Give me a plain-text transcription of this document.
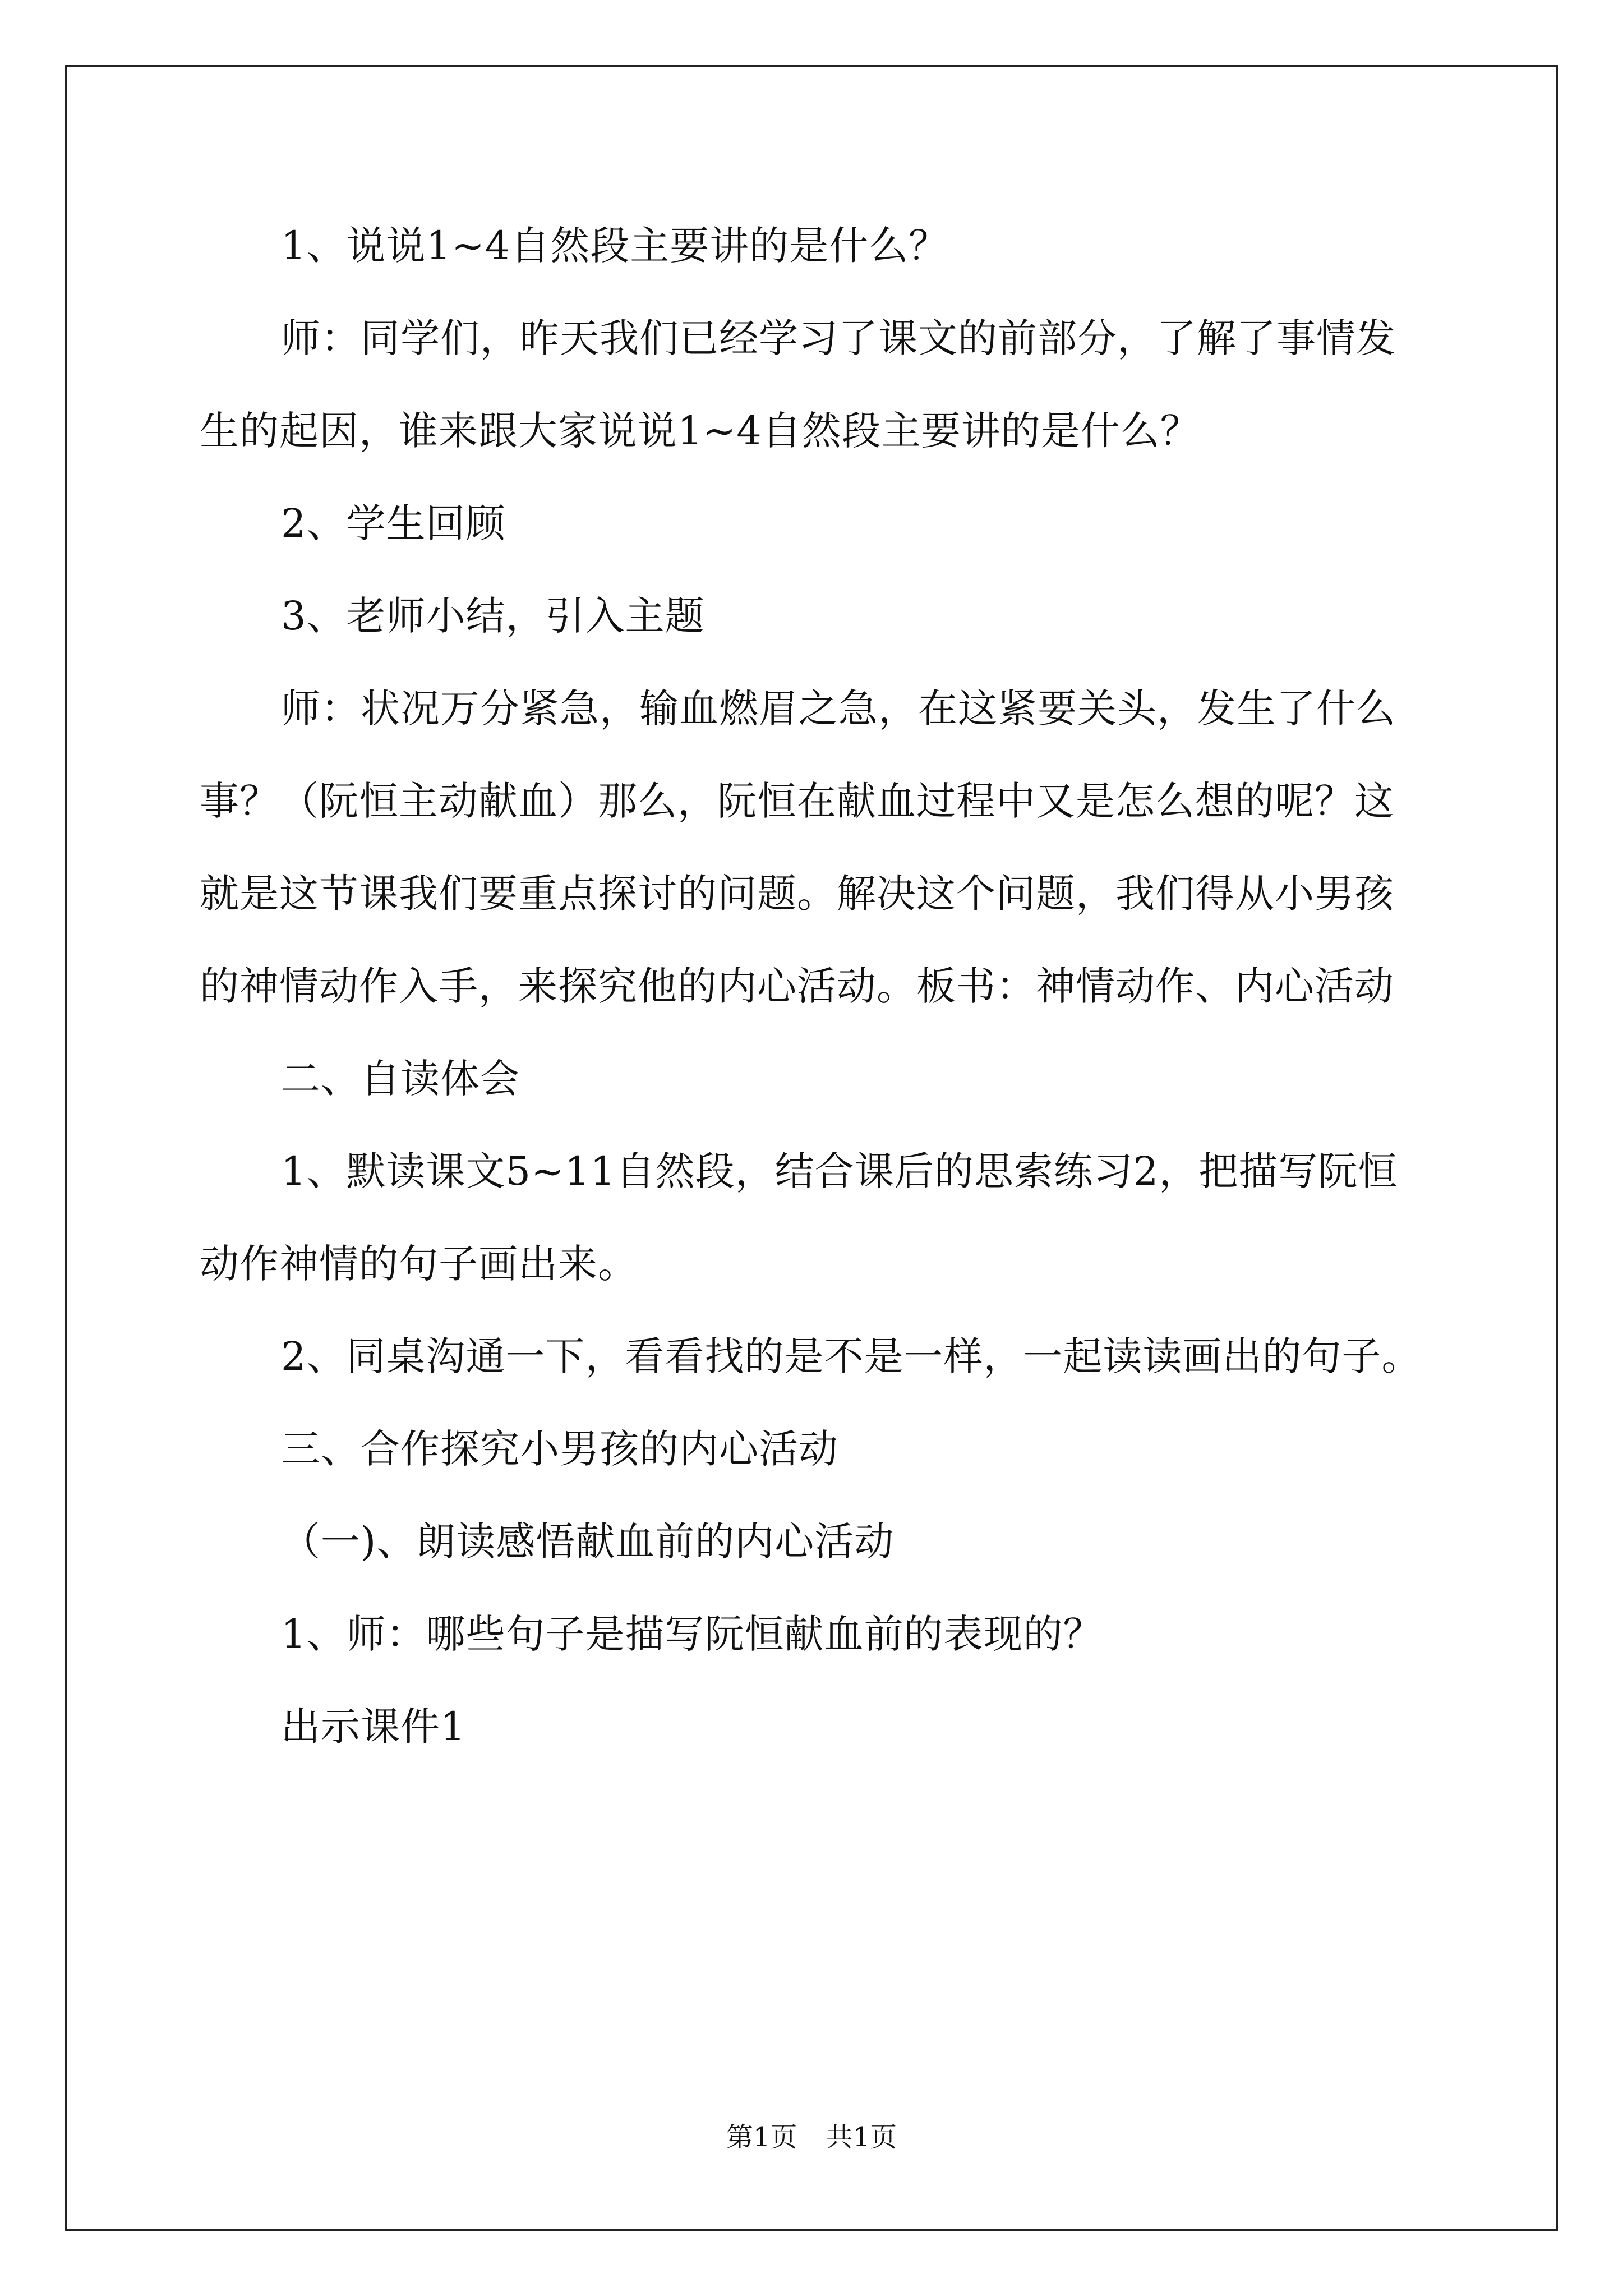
1、说说1~4自然段主要讲的是什么？

师：同学们，昨天我们已经学习了课文的前部分，了解了事情发生的起因，谁来跟大家说说1~4自然段主要讲的是什么？

2、学生回顾

3、老师小结，引入主题

师：状况万分紧急，输血燃眉之急，在这紧要关头，发生了什么事？（阮恒主动献血）那么，阮恒在献血过程中又是怎么想的呢？这就是这节课我们要重点探讨的问题。解决这个问题，我们得从小男孩的神情动作入手，来探究他的内心活动。板书：神情动作、内心活动

二、自读体会

1、默读课文5~11自然段，结合课后的思索练习2，把描写阮恒动作神情的句子画出来。

2、同桌沟通一下，看看找的是不是一样，一起读读画出的句子。

三、合作探究小男孩的内心活动

（一)、朗读感悟献血前的内心活动

1、师：哪些句子是描写阮恒献血前的表现的？

出示课件1

第1页 共1页
